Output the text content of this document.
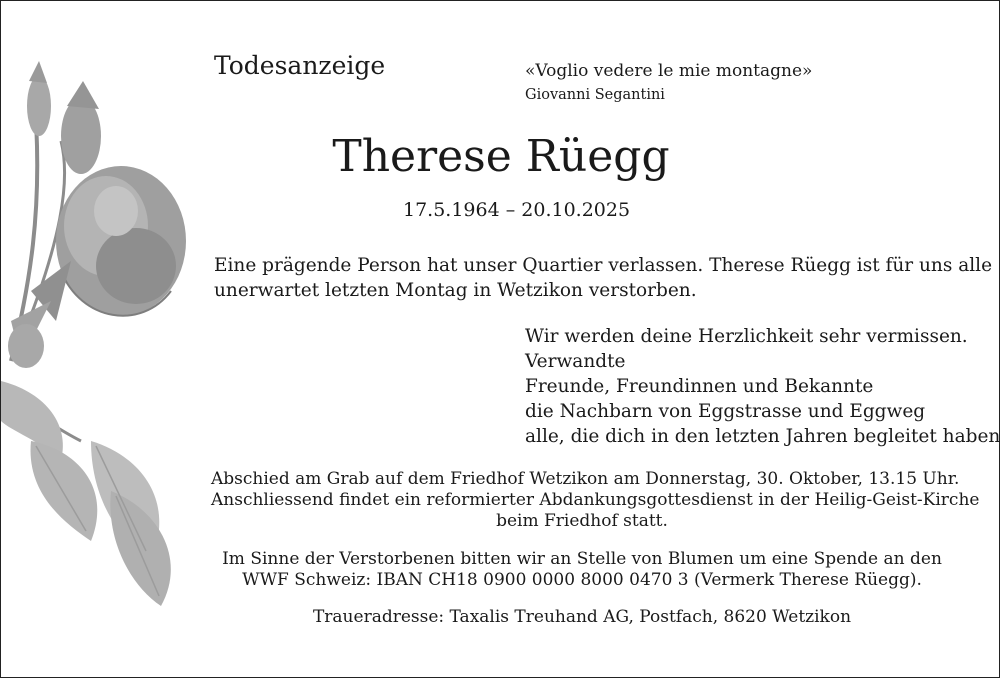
Todesanzeige	«Voglio vedere le mie montagne»
Giovanni Segantini
Therese Rüegg
17.5.1964 – 20.10.2025
Eine prägende Person hat unser Quartier verlassen. Therese Rüegg ist für uns alle
unerwartet letzten Montag in Wetzikon verstorben.
Wir werden deine Herzlichkeit sehr vermissen.
Verwandte
Freunde, Freundinnen und Bekannte
die Nachbarn von Eggstrasse und Eggweg
alle, die dich in den letzten Jahren begleitet haben
Abschied am Grab auf dem Friedhof Wetzikon am Donnerstag, 30. Oktober, 13.15 Uhr.
Anschliessend findet ein reformierter Abdankungsgottesdienst in der Heilig-Geist-Kirche
beim Friedhof statt.
Im Sinne der Verstorbenen bitten wir an Stelle von Blumen um eine Spende an den
WWF Schweiz: IBAN CH18 0900 0000 8000 0470 3 (Vermerk Therese Rüegg).
Traueradresse: Taxalis Treuhand AG, Postfach, 8620 Wetzikon
